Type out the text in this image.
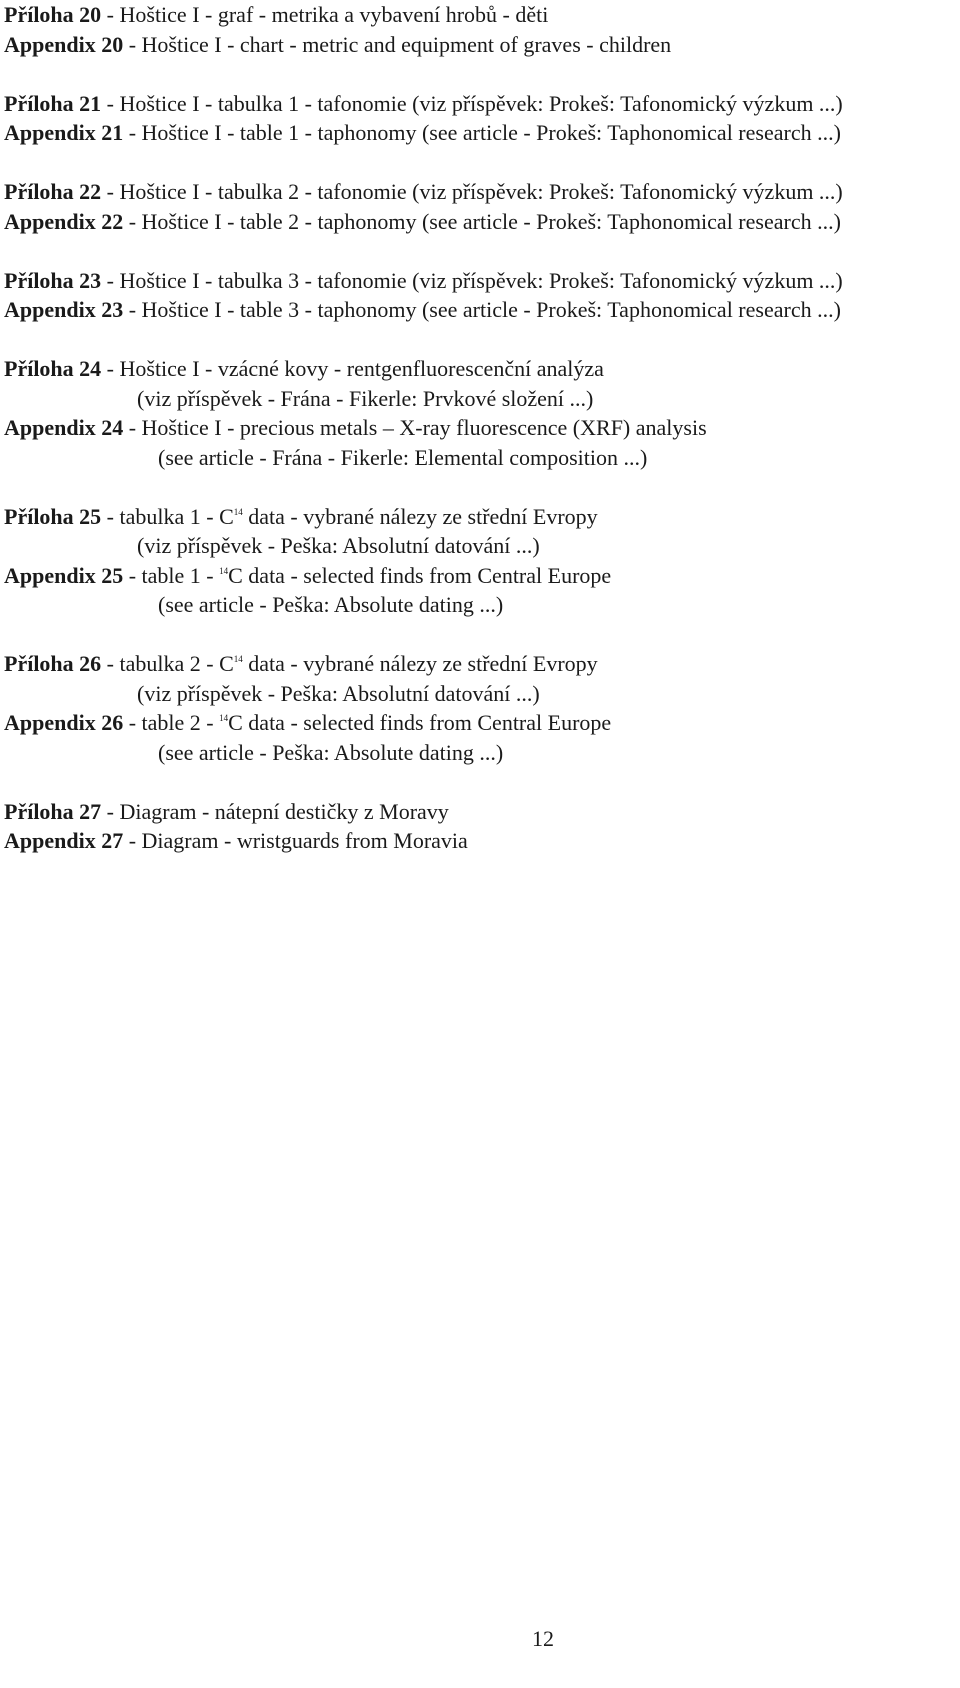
Příloha 20 - Hoštice I - graf - metrika a vybavení hrobů - děti
Appendix 20 - Hoštice I - chart - metric and equipment of graves - children
Příloha 21 - Hoštice I - tabulka 1 - tafonomie (viz příspěvek: Prokeš: Tafonomický výzkum ...)
Appendix 21 - Hoštice I - table 1 - taphonomy (see article - Prokeš: Taphonomical research ...)
Příloha 22 - Hoštice I - tabulka 2 - tafonomie (viz příspěvek: Prokeš: Tafonomický výzkum ...)
Appendix 22 - Hoštice I - table 2 - taphonomy (see article - Prokeš: Taphonomical research ...)
Příloha 23 - Hoštice I - tabulka 3 - tafonomie (viz příspěvek: Prokeš: Tafonomický výzkum ...)
Appendix 23 - Hoštice I - table 3 - taphonomy (see article - Prokeš: Taphonomical research ...)
Příloha 24 - Hoštice I - vzácné kovy - rentgenfluorescenční analýza
(viz příspěvek - Frána - Fikerle: Prvkové složení ...)
Appendix 24 - Hoštice I - precious metals – X-ray fluorescence (XRF) analysis
(see article - Frána - Fikerle: Elemental composition ...)
Příloha 25 - tabulka $1 - C^{14}$ data - vybrané nálezy ze střední Evropy
(viz příspěvek - Peška: Absolutní datování ...)
Appendix 25 - table 1 - $^{14}$C data - selected finds from Central Europe
(see article - Peška: Absolute dating ...)
Příloha 26 - tabulka $2 - C^{14}$ data - vybrané nálezy ze střední Evropy
(viz příspěvek - Peška: Absolutní datování ...)
Appendix 26 - table 2 - $^{14}$C data - selected finds from Central Europe
(see article - Peška: Absolute dating ...)
Příloha 27 - Diagram - nátepní destičky z Moravy
Appendix 27 - Diagram - wristguards from Moravia
12
